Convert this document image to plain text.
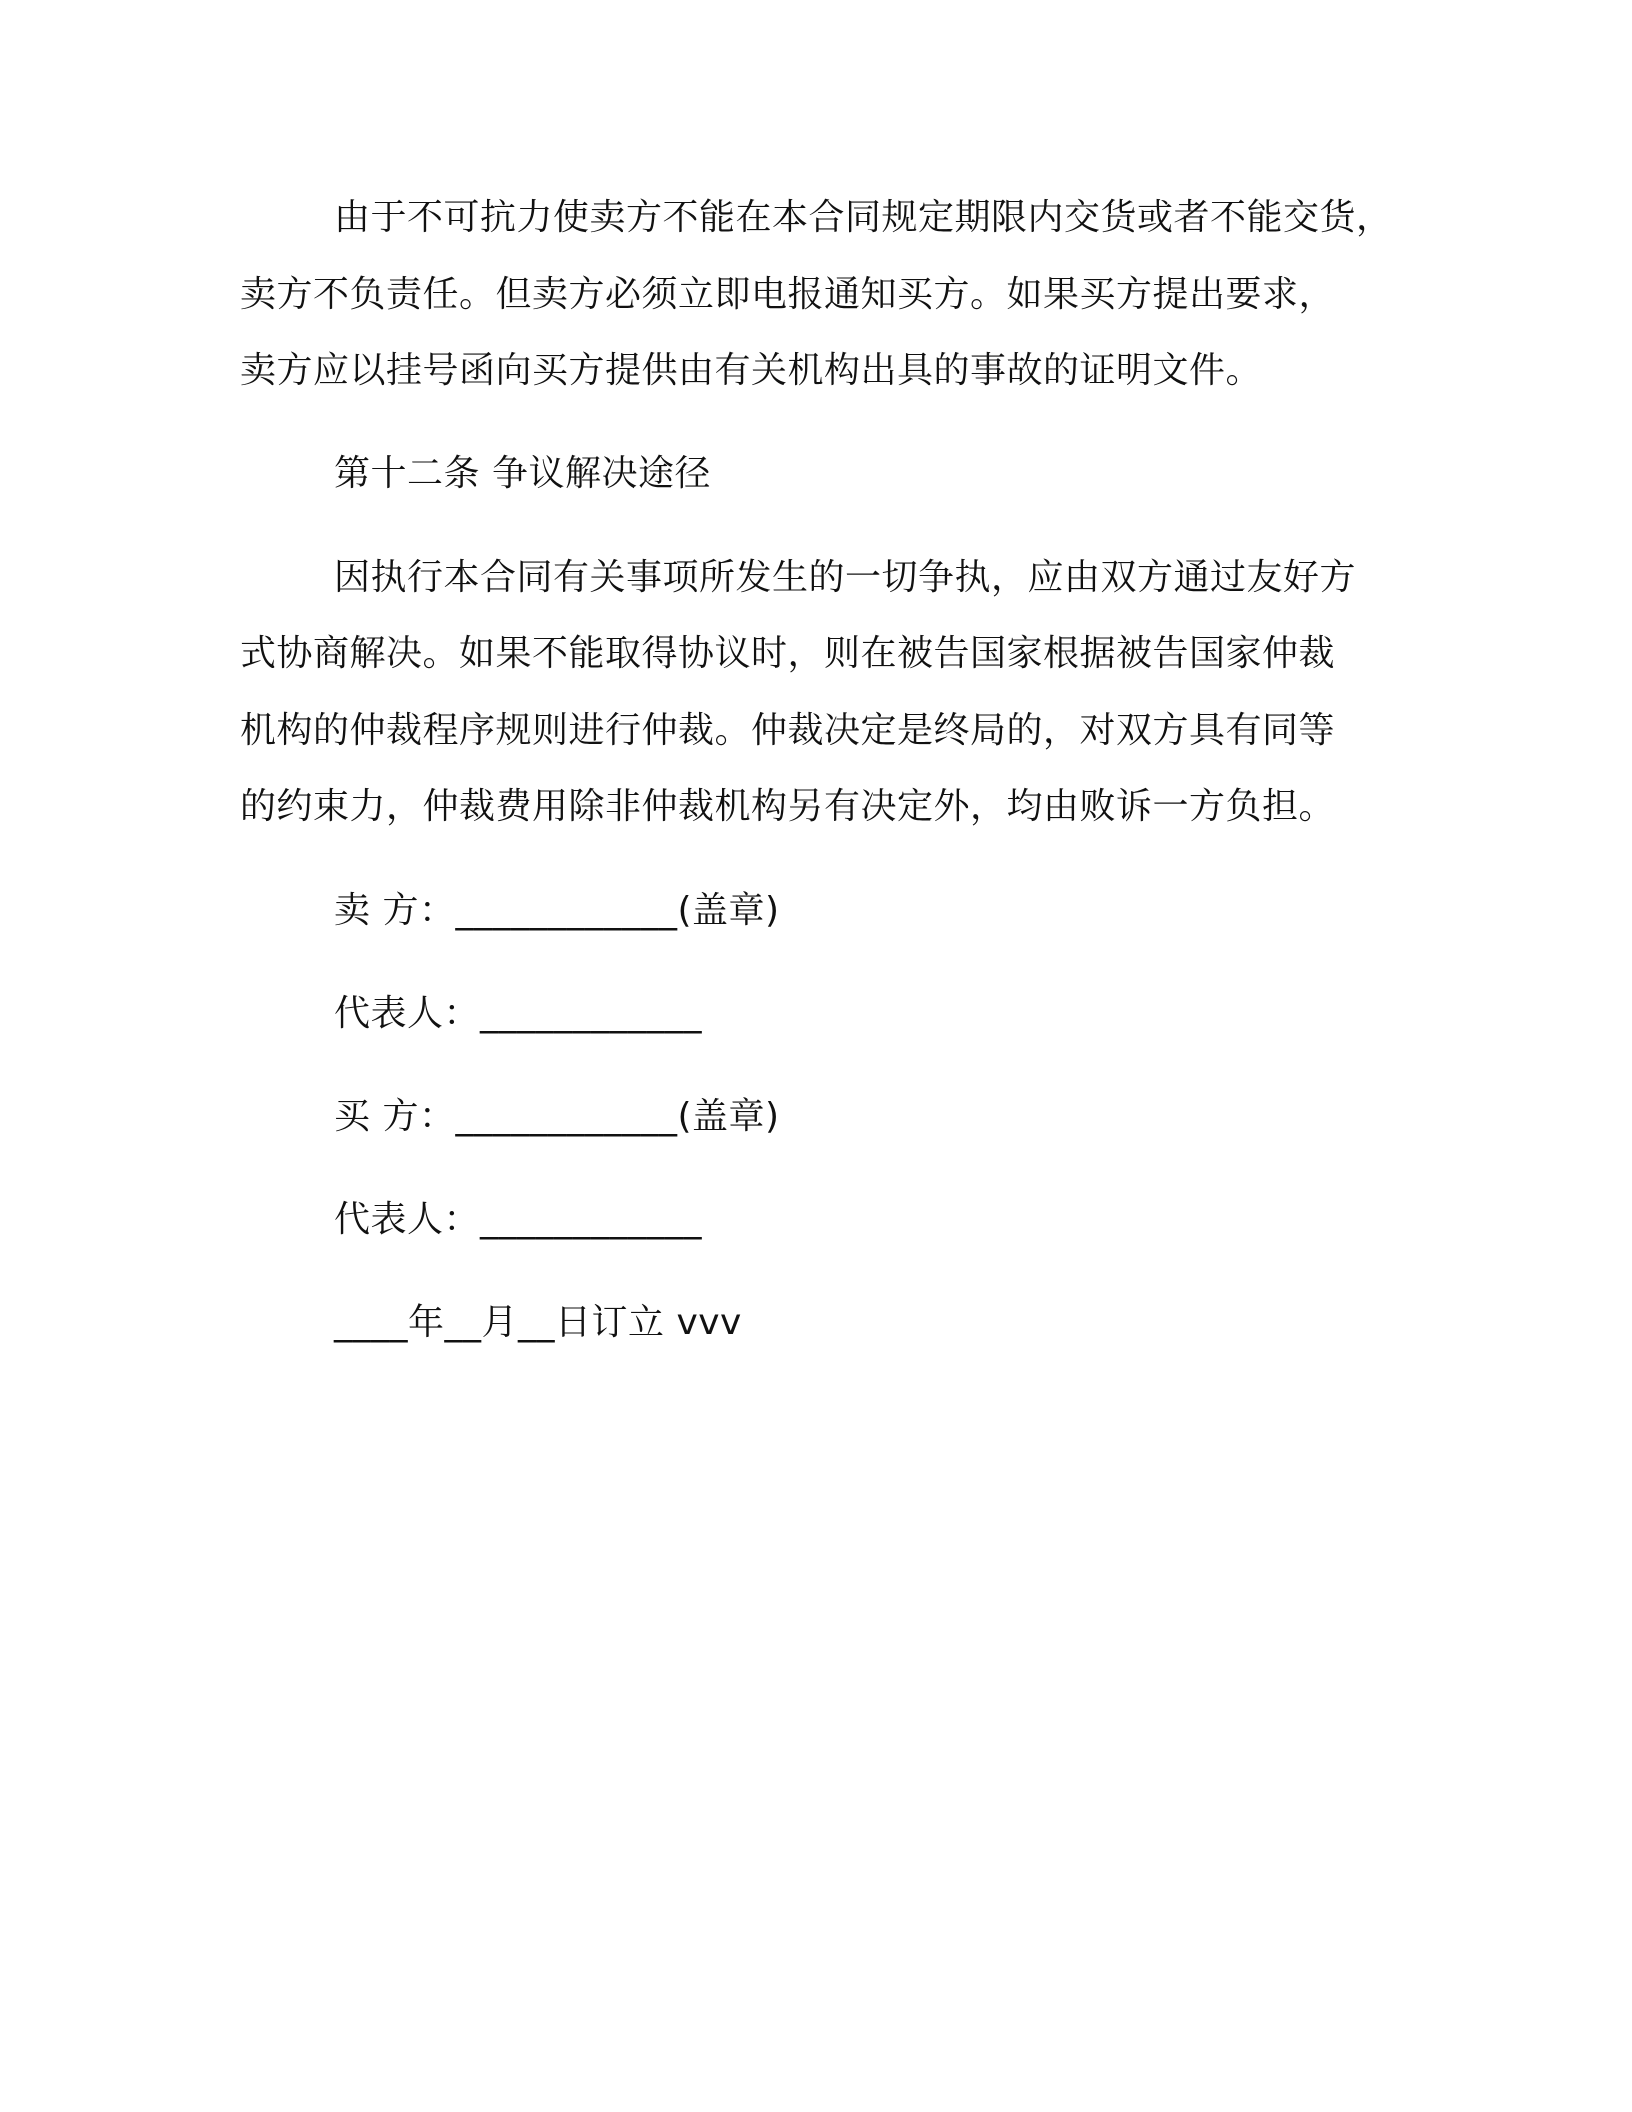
由于不可抗力使卖方不能在本合同规定期限内交货或者不能交货，

卖方不负责任。但卖方必须立即电报通知买方。如果买方提出要求，

卖方应以挂号函向买方提供由有关机构出具的事故的证明文件。

第十二条 争议解决途径

因执行本合同有关事项所发生的一切争执，应由双方通过友好方

式协商解决。如果不能取得协议时，则在被告国家根据被告国家仲裁

机构的仲裁程序规则进行仲裁。仲裁决定是终局的，对双方具有同等

的约束力，仲裁费用除非仲裁机构另有决定外，均由败诉一方负担。

卖 方：____________(盖章)

代表人：____________

买 方：____________(盖章)

代表人：____________

____年__月__日订立 vvv
